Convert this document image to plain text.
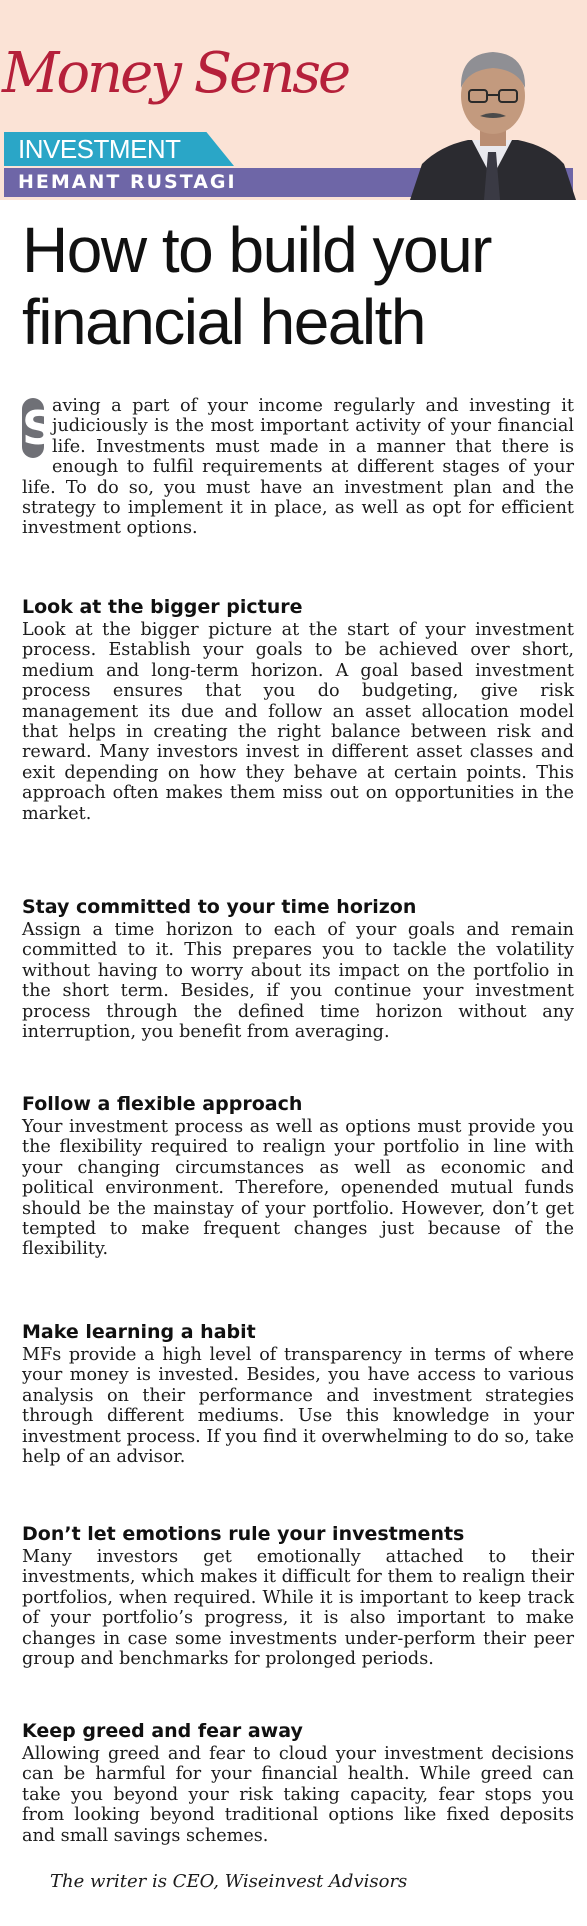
Money Sense
INVESTMENT
HEMANT RUSTAGI
How to build your financial health
S
aving a part of your income regularly and investing it judiciously is the most important activity of your financial life. Investments must made in a manner that there is enough to fulfil requirements at different stages of your life. To do so, you must have an investment plan and the strategy to implement it in place, as well as opt for efficient investment options.
Look at the bigger picture
Look at the bigger picture at the start of your investment process. Establish your goals to be achieved over short, medium and long-term horizon. A goal based investment process ensures that you do budgeting, give risk management its due and follow an asset allocation model that helps in creating the right balance between risk and reward. Many investors invest in different asset classes and exit depending on how they behave at certain points. This approach often makes them miss out on opportunities in the market.
Stay committed to your time horizon
Assign a time horizon to each of your goals and remain committed to it. This prepares you to tackle the volatility without having to worry about its impact on the portfolio in the short term. Besides, if you continue your investment process through the defined time horizon without any interruption, you benefit from averaging.
Follow a flexible approach
Your investment process as well as options must provide you the flexibility required to realign your portfolio in line with your changing circumstances as well as economic and political environment. Therefore, openended mutual funds should be the mainstay of your portfolio. However, don’t get tempted to make frequent changes just because of the flexibility.
Make learning a habit
MFs provide a high level of transparency in terms of where your money is invested. Besides, you have access to various analysis on their performance and investment strategies through different mediums. Use this knowledge in your investment process. If you find it overwhelming to do so, take help of an advisor.
Don’t let emotions rule your investments
Many investors get emotionally attached to their investments, which makes it difficult for them to realign their portfolios, when required. While it is important to keep track of your portfolio’s progress, it is also important to make changes in case some investments under-perform their peer group and benchmarks for prolonged periods.
Keep greed and fear away
Allowing greed and fear to cloud your investment decisions can be harmful for your financial health. While greed can take you beyond your risk taking capacity, fear stops you from looking beyond traditional options like fixed deposits and small savings schemes.
The writer is CEO, Wiseinvest Advisors
